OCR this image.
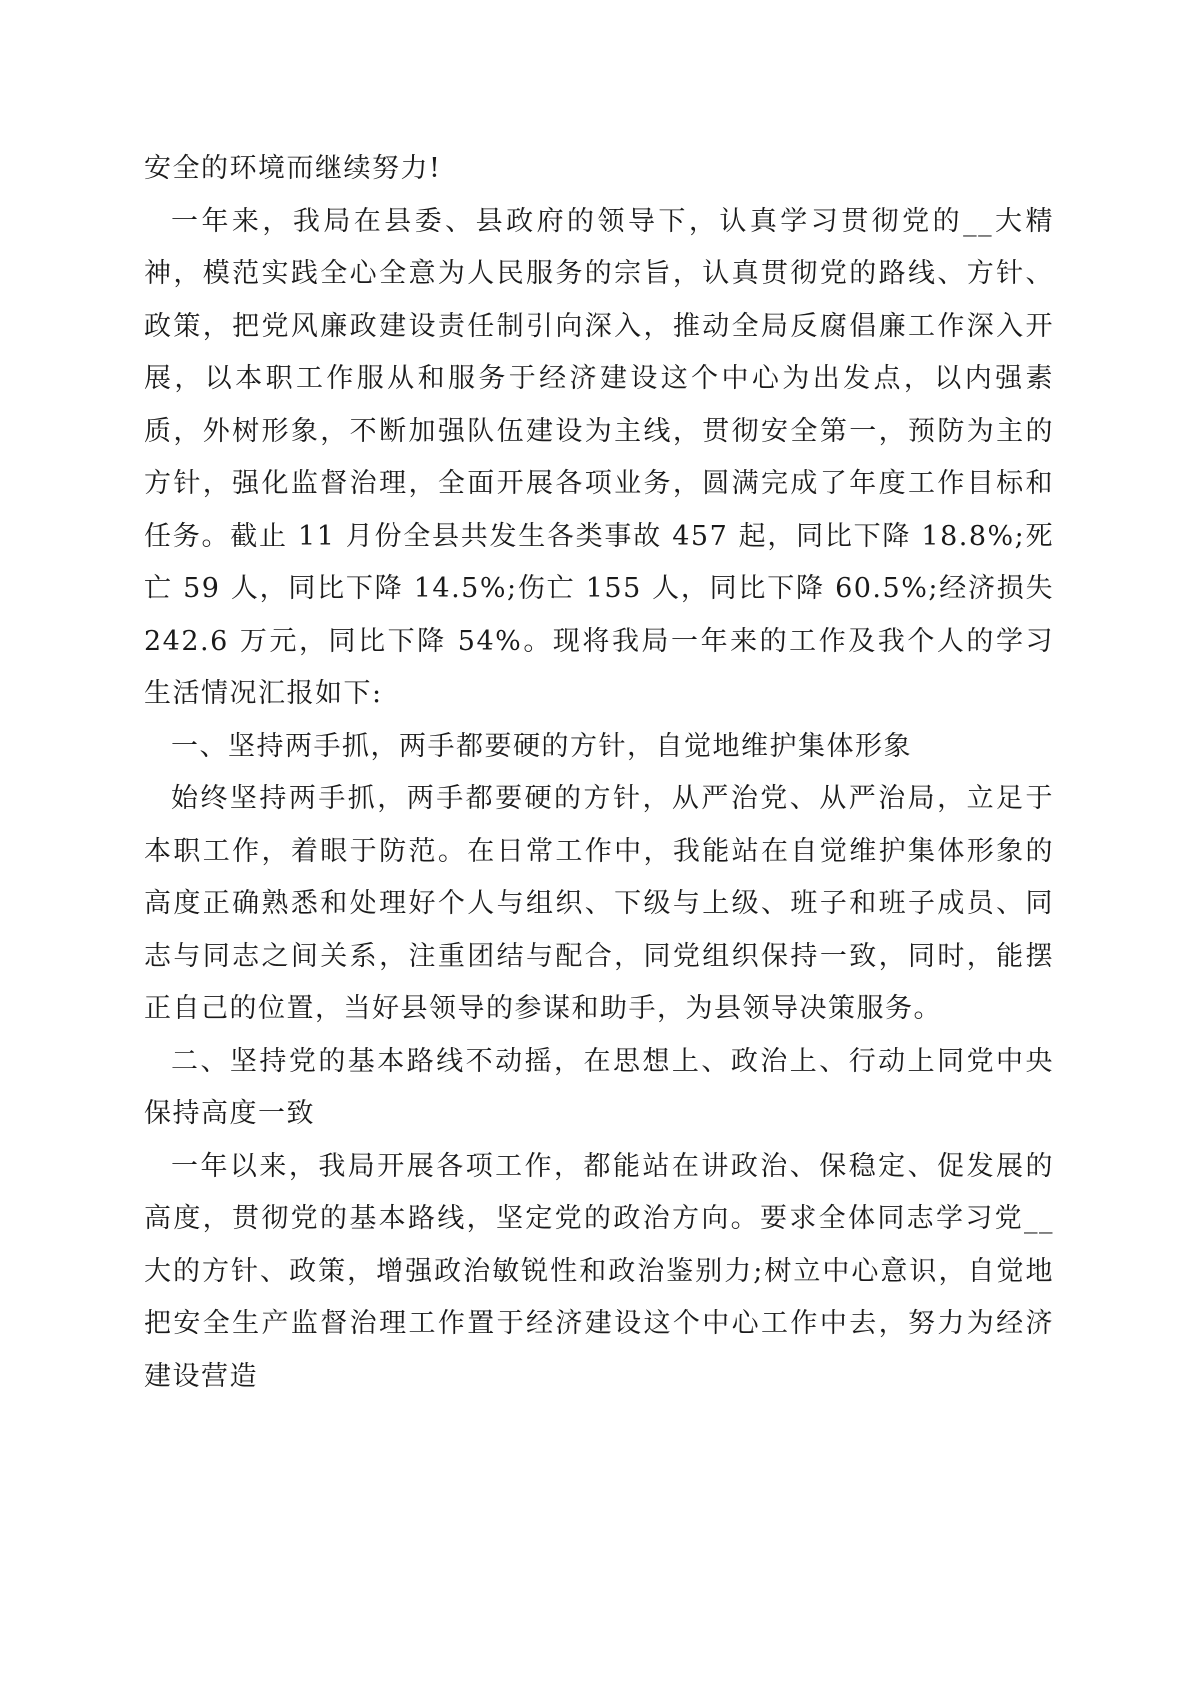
安全的环境而继续努力!

一年来，我局在县委、县政府的领导下，认真学习贯彻党的__大精神，模范实践全心全意为人民服务的宗旨，认真贯彻党的路线、方针、政策，把党风廉政建设责任制引向深入，推动全局反腐倡廉工作深入开展，以本职工作服从和服务于经济建设这个中心为出发点，以内强素质，外树形象，不断加强队伍建设为主线，贯彻安全第一，预防为主的方针，强化监督治理，全面开展各项业务，圆满完成了年度工作目标和任务。截止 11 月份全县共发生各类事故 457 起，同比下降 18.8%;死亡 59 人，同比下降 14.5%;伤亡 155 人，同比下降 60.5%;经济损失 242.6 万元，同比下降 54%。现将我局一年来的工作及我个人的学习生活情况汇报如下:

一、坚持两手抓，两手都要硬的方针，自觉地维护集体形象

始终坚持两手抓，两手都要硬的方针，从严治党、从严治局，立足于本职工作，着眼于防范。在日常工作中，我能站在自觉维护集体形象的高度正确熟悉和处理好个人与组织、下级与上级、班子和班子成员、同志与同志之间关系，注重团结与配合，同党组织保持一致，同时，能摆正自己的位置，当好县领导的参谋和助手，为县领导决策服务。

二、坚持党的基本路线不动摇，在思想上、政治上、行动上同党中央保持高度一致

一年以来，我局开展各项工作，都能站在讲政治、保稳定、促发展的高度，贯彻党的基本路线，坚定党的政治方向。要求全体同志学习党__大的方针、政策，增强政治敏锐性和政治鉴别力;树立中心意识，自觉地把安全生产监督治理工作置于经济建设这个中心工作中去，努力为经济建设营造
